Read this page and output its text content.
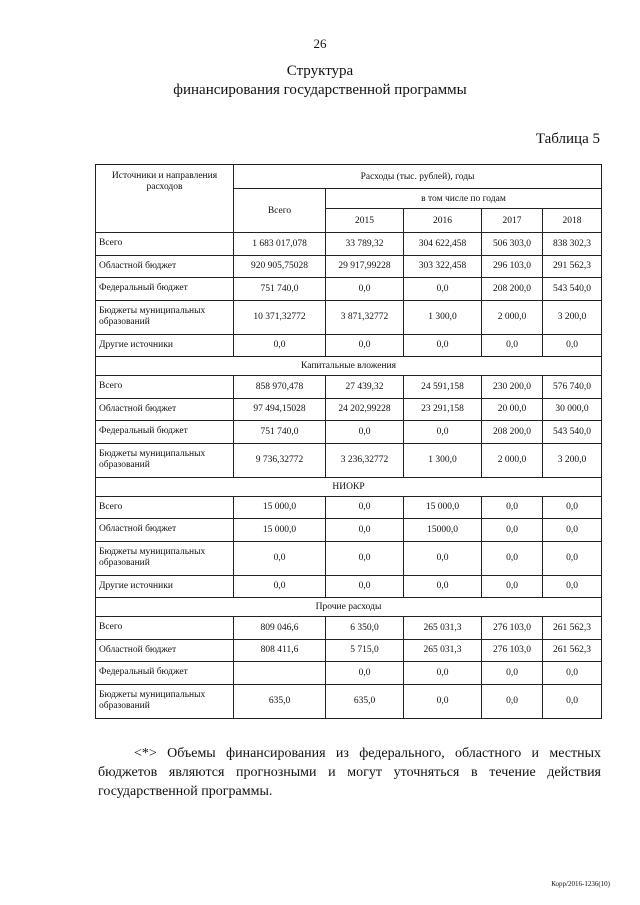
26
Структура
финансирования государственной программы
Таблица 5
Источники и направления расходов	Расходы (тыс. рублей), годы				
	Всего	в том числе по годам			
		2015	2016	2017	2018
Всего	1 683 017,078	33 789,32	304 622,458	506 303,0	838 302,3
Областной бюджет	920 905,75028	29 917,99228	303 322,458	296 103,0	291 562,3
Федеральный бюджет	751 740,0	0,0	0,0	208 200,0	543 540,0
Бюджеты муниципальных образований	10 371,32772	3 871,32772	1 300,0	2 000,0	3 200,0
Другие источники	0,0	0,0	0,0	0,0	0,0
Капитальные вложения					
Всего	858 970,478	27 439,32	24 591,158	230 200,0	576 740,0
Областной бюджет	97 494,15028	24 202,99228	23 291,158	20 00,0	30 000,0
Федеральный бюджет	751 740,0	0,0	0,0	208 200,0	543 540,0
Бюджеты муниципальных образований	9 736,32772	3 236,32772	1 300,0	2 000,0	3 200,0
НИОКР					
Всего	15 000,0	0,0	15 000,0	0,0	0,0
Областной бюджет	15 000,0	0,0	15000,0	0,0	0,0
Бюджеты муниципальных образований	0,0	0,0	0,0	0,0	0,0
Другие источники	0,0	0,0	0,0	0,0	0,0
Прочие расходы					
Всего	809 046,6	6 350,0	265 031,3	276 103,0	261 562,3
Областной бюджет	808 411,6	5 715,0	265 031,3	276 103,0	261 562,3
Федеральный бюджет		0,0	0,0	0,0	0,0
Бюджеты муниципальных образований	635,0	635,0	0,0	0,0	0,0
<*> Объемы финансирования из федерального, областного и местных бюджетов являются прогнозными и могут уточняться в течение действия государственной программы.
Корр/2016-1236(10)
